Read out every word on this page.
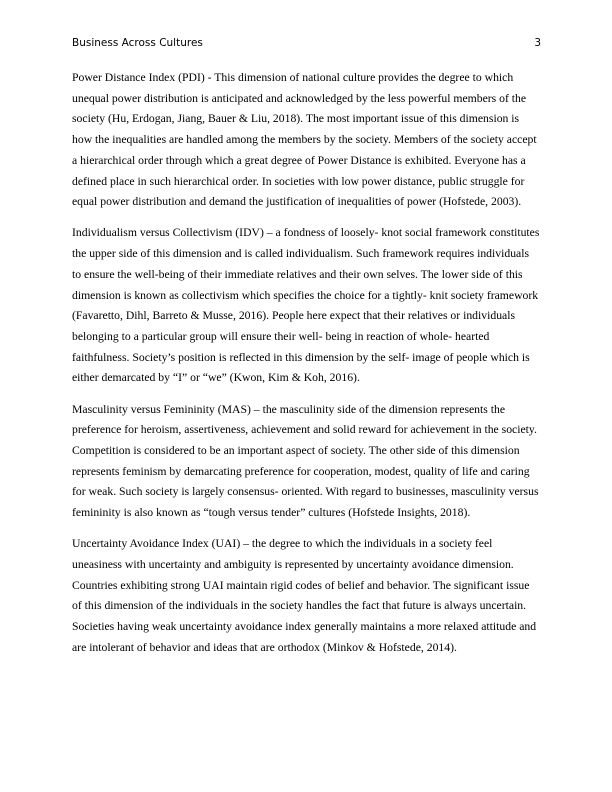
Business Across Cultures	3

Power Distance Index (PDI) - This dimension of national culture provides the degree to which unequal power distribution is anticipated and acknowledged by the less powerful members of the society (Hu, Erdogan, Jiang, Bauer & Liu, 2018). The most important issue of this dimension is how the inequalities are handled among the members by the society. Members of the society accept a hierarchical order through which a great degree of Power Distance is exhibited. Everyone has a defined place in such hierarchical order. In societies with low power distance, public struggle for equal power distribution and demand the justification of inequalities of power (Hofstede, 2003).

Individualism versus Collectivism (IDV) – a fondness of loosely- knot social framework constitutes the upper side of this dimension and is called individualism. Such framework requires individuals to ensure the well-being of their immediate relatives and their own selves. The lower side of this dimension is known as collectivism which specifies the choice for a tightly- knit society framework (Favaretto, Dihl, Barreto & Musse, 2016). People here expect that their relatives or individuals belonging to a particular group will ensure their well- being in reaction of whole- hearted faithfulness. Society’s position is reflected in this dimension by the self- image of people which is either demarcated by “I” or “we” (Kwon, Kim & Koh, 2016).

Masculinity versus Femininity (MAS) – the masculinity side of the dimension represents the preference for heroism, assertiveness, achievement and solid reward for achievement in the society. Competition is considered to be an important aspect of society. The other side of this dimension represents feminism by demarcating preference for cooperation, modest, quality of life and caring for weak. Such society is largely consensus- oriented. With regard to businesses, masculinity versus femininity is also known as “tough versus tender” cultures (Hofstede Insights, 2018).

Uncertainty Avoidance Index (UAI) – the degree to which the individuals in a society feel uneasiness with uncertainty and ambiguity is represented by uncertainty avoidance dimension. Countries exhibiting strong UAI maintain rigid codes of belief and behavior. The significant issue of this dimension of the individuals in the society handles the fact that future is always uncertain. Societies having weak uncertainty avoidance index generally maintains a more relaxed attitude and are intolerant of behavior and ideas that are orthodox (Minkov & Hofstede, 2014).
